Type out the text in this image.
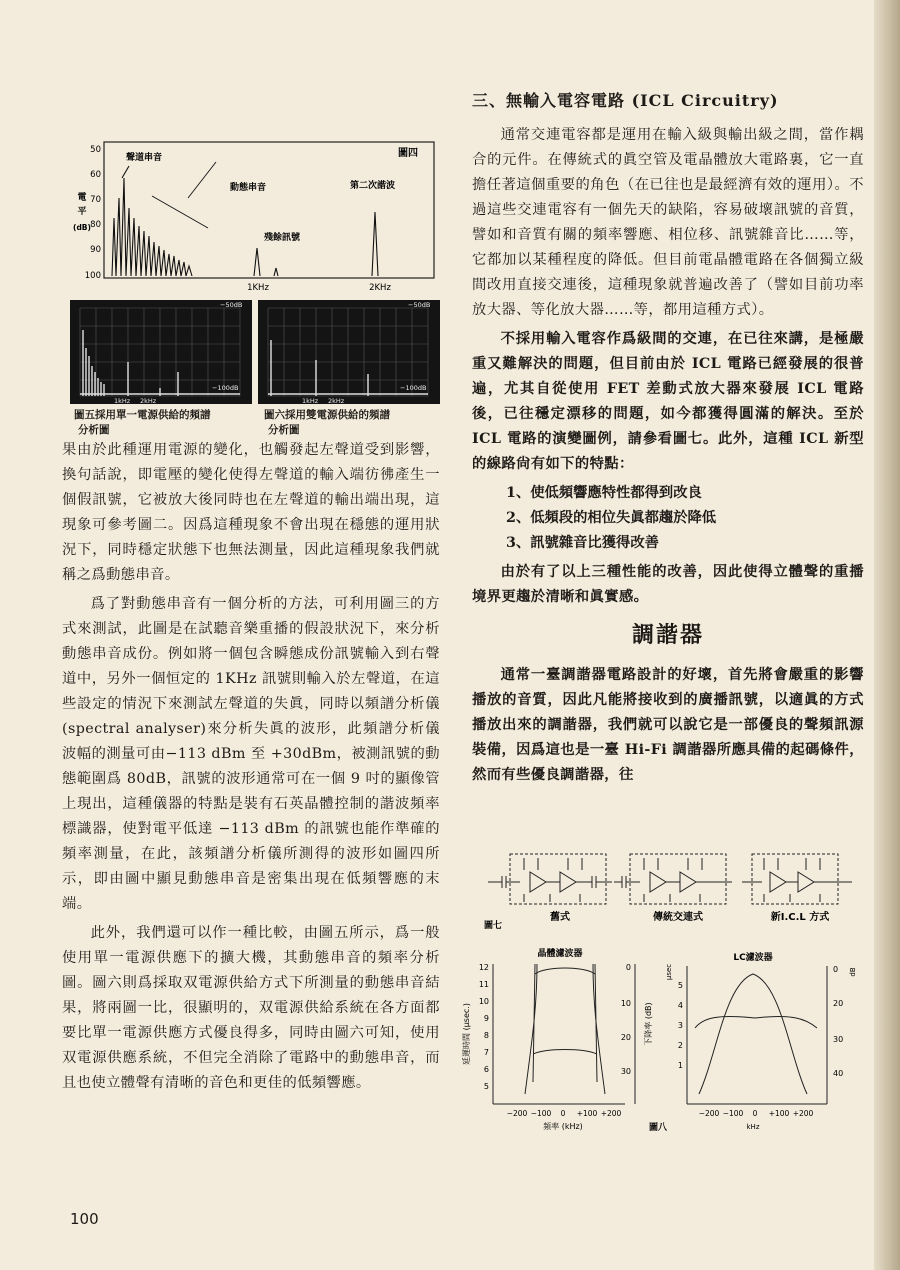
圖四
50
60
70
80
90
100
電
平
(dB)
1KHz	2KHz
聲道串音
動態串音
殘餘訊號
第二次諧波
−50dB
−100dB
1kHz 2kHz
圖五採用單一電源供給的頻譜
分析圖
−50dB
−100dB
1kHz 2kHz
圖六採用雙電源供給的頻譜
分析圖

果由於此種運用電源的變化，也觸發起左聲道受到影響，換句話說，即電壓的變化使得左聲道的輸入端彷彿產生一個假訊號，它被放大後同時也在左聲道的輸出端出現，這現象可參考圖二。因爲這種現象不會出現在穩態的運用狀況下，同時穩定狀態下也無法測量，因此這種現象我們就稱之爲動態串音。

爲了對動態串音有一個分析的方法，可利用圖三的方式來測試，此圖是在試聽音樂重播的假設狀況下，來分析動態串音成份。例如將一個包含瞬態成份訊號輸入到右聲道中，另外一個恒定的 1KHz 訊號則輸入於左聲道，在這些設定的情況下來測試左聲道的失眞，同時以頻譜分析儀(spectral analyser)來分析失眞的波形，此頻譜分析儀波幅的測量可由−113 dBm 至 +30dBm，被測訊號的動態範圍爲 80dB，訊號的波形通常可在一個 9 吋的顯像管上現出，這種儀器的特點是裝有石英晶體控制的諧波頻率標識器，使對電平低達 −113 dBm 的訊號也能作準確的頻率測量，在此，該頻譜分析儀所測得的波形如圖四所示，即由圖中顯見動態串音是密集出現在低頻響應的末端。

此外，我們還可以作一種比較，由圖五所示，爲一般使用單一電源供應下的擴大機，其動態串音的頻率分析圖。圖六則爲採取双電源供給方式下所測量的動態串音結果，將兩圖一比，很顯明的，双電源供給系統在各方面都要比單一電源供應方式優良得多，同時由圖六可知，使用双電源供應系統，不但完全消除了電路中的動態串音，而且也使立體聲有清晰的音色和更佳的低頻響應。

三、無輸入電容電路 (ICL Circuitry)

通常交連電容都是運用在輸入級與輸出級之間，當作耦合的元件。在傳統式的眞空管及電晶體放大電路裏，它一直擔任著這個重要的角色（在已往也是最經濟有效的運用）。不過這些交連電容有一個先天的缺陷，容易破壞訊號的音質，譬如和音質有關的頻率響應、相位移、訊號雜音比……等，它都加以某種程度的降低。但目前電晶體電路在各個獨立級間改用直接交連後，這種現象就普遍改善了（譬如目前功率放大器、等化放大器……等，都用這種方式）。

不採用輸入電容作爲級間的交連，在已往來講，是極嚴重又難解決的問題，但目前由於 ICL 電路已經發展的很普遍，尤其自從使用 FET 差動式放大器來發展 ICL 電路後，已往穩定漂移的問題，如今都獲得圓滿的解決。至於 ICL 電路的演變圖例，請參看圖七。此外，這種 ICL 新型的線路尙有如下的特點：

1、使低頻響應特性都得到改良
2、低頻段的相位失眞都趨於降低
3、訊號雜音比獲得改善

由於有了以上三種性能的改善，因此使得立體聲的重播境界更趨於清晰和眞實感。

調諧器

通常一臺調諧器電路設計的好壞，首先將會嚴重的影響播放的音質，因此凡能將接收到的廣播訊號，以適眞的方式播放出來的調諧器，我們就可以說它是一部優良的聲頻訊源裝備，因爲這也是一臺 Hi-Fi 調諧器所應具備的起碼條件，然而有些優良調諧器，往

舊式	傳統交連式	新I.C.L 方式
圖七
晶體濾波器	LC濾波器
12
11
10
9
8
7
6
5
延遲時間 (μsec.)
0
10
20
30
下降率 (dB)
−200 −100 0 +100 +200
頻率 (kHz)
5
4
3
2
1
μsec	0
20
30
40
dB
−200 −100 0 +100 +200
kHz
圖八
100
